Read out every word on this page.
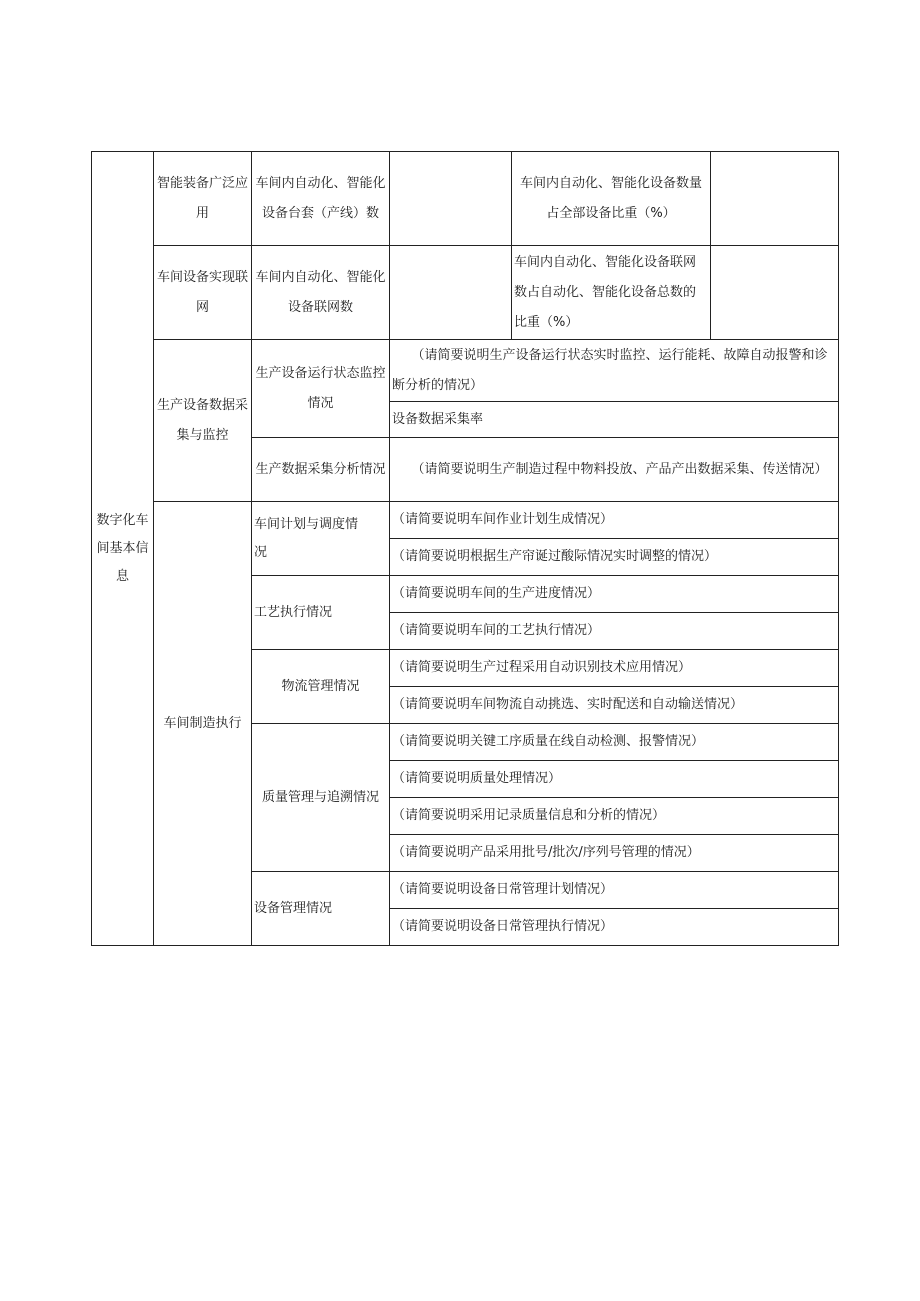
数字化车间基本信息	智能装备广泛应用	车间内自动化、智能化设备台套（产线）数		车间内自动化、智能化设备数量占全部设备比重（%）	
	车间设备实现联网	车间内自动化、智能化设备联网数		车间内自动化、智能化设备联网数占自动化、智能化设备总数的比重（%）	
	生产设备数据采集与监控	生产设备运行状态监控情况	（请简要说明生产设备运行状态实时监控、运行能耗、故障自动报警和诊断分析的情况）		
			设备数据采集率		
		生产数据采集分析情况	（请简要说明生产制造过程中物料投放、产品产出数据采集、传送情况）		
	车间制造执行	车间计划与调度情况	（请简要说明车间作业计划生成情况）		
			（请简要说明根据生产帘诞过酸际情况实时调整的情况）		
		工艺执行情况	（请简要说明车间的生产进度情况）		
			（请简要说明车间的工艺执行情况）		
		物流管理情况	（请简要说明生产过程采用自动识别技术应用情况）		
			（请简要说明车间物流自动挑选、实时配送和自动输送情况）		
		质量管理与追溯情况	（请简要说明关键工序质量在线自动检测、报警情况）		
			（请简要说明质量处理情况）		
			（请简要说明采用记录质量信息和分析的情况）		
			（请简要说明产品采用批号/批次/序列号管理的情况）		
		设备管理情况	（请简要说明设备日常管理计划情况）		
			（请简要说明设备日常管理执行情况）		
